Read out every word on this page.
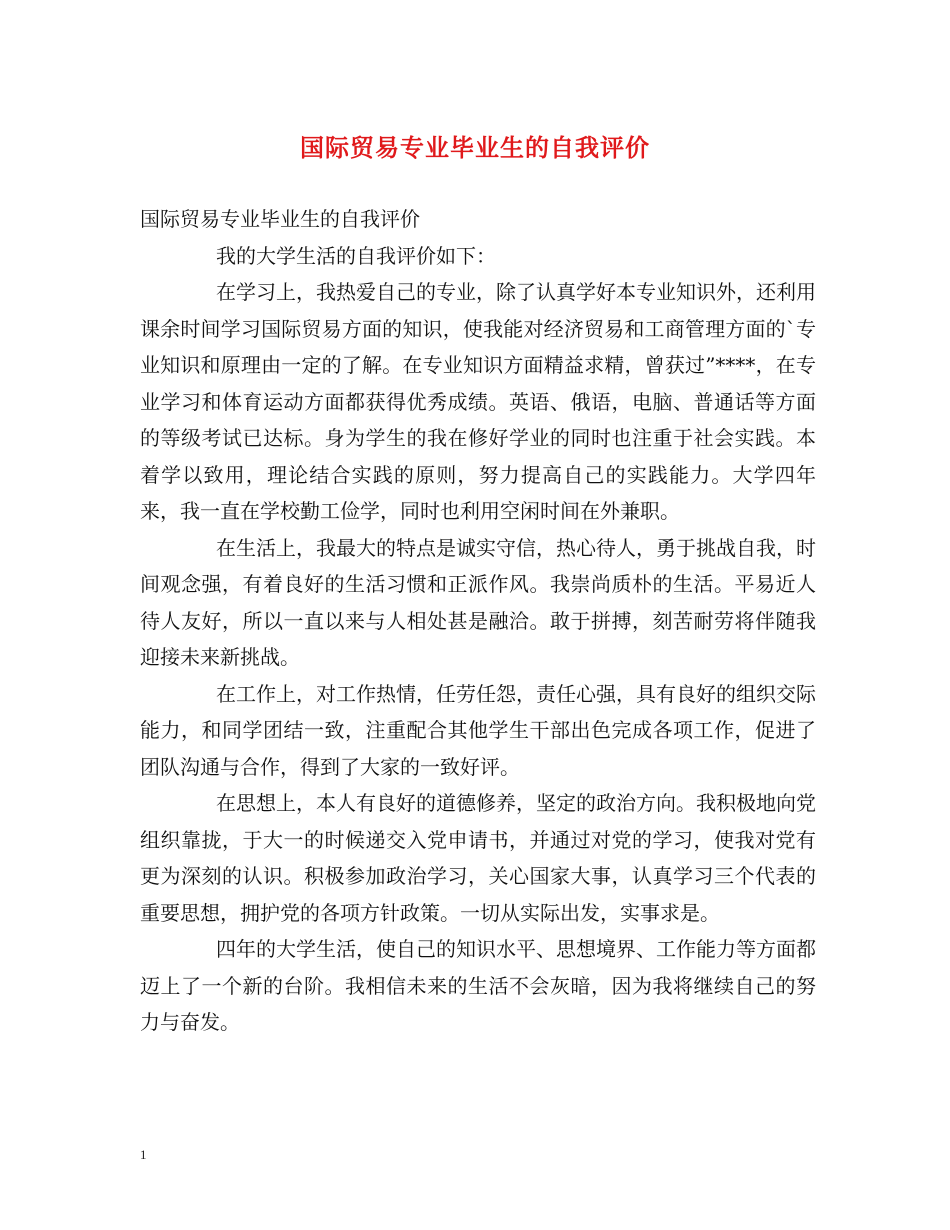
国际贸易专业毕业生的自我评价

国际贸易专业毕业生的自我评价

我的大学生活的自我评价如下：

在学习上，我热爱自己的专业，除了认真学好本专业知识外，还利用课余时间学习国际贸易方面的知识，使我能对经济贸易和工商管理方面的`专业知识和原理由一定的了解。在专业知识方面精益求精，曾获过”****，在专业学习和体育运动方面都获得优秀成绩。英语、俄语，电脑、普通话等方面的等级考试已达标。身为学生的我在修好学业的同时也注重于社会实践。本着学以致用，理论结合实践的原则，努力提高自己的实践能力。大学四年来，我一直在学校勤工俭学，同时也利用空闲时间在外兼职。

在生活上，我最大的特点是诚实守信，热心待人，勇于挑战自我，时间观念强，有着良好的生活习惯和正派作风。我崇尚质朴的生活。平易近人待人友好，所以一直以来与人相处甚是融洽。敢于拼搏，刻苦耐劳将伴随我迎接未来新挑战。

在工作上，对工作热情，任劳任怨，责任心强，具有良好的组织交际能力，和同学团结一致，注重配合其他学生干部出色完成各项工作，促进了团队沟通与合作，得到了大家的一致好评。

在思想上，本人有良好的道德修养，坚定的政治方向。我积极地向党组织靠拢，于大一的时候递交入党申请书，并通过对党的学习，使我对党有更为深刻的认识。积极参加政治学习，关心国家大事，认真学习三个代表的重要思想，拥护党的各项方针政策。一切从实际出发，实事求是。

四年的大学生活，使自己的知识水平、思想境界、工作能力等方面都迈上了一个新的台阶。我相信未来的生活不会灰暗，因为我将继续自己的努力与奋发。

1
